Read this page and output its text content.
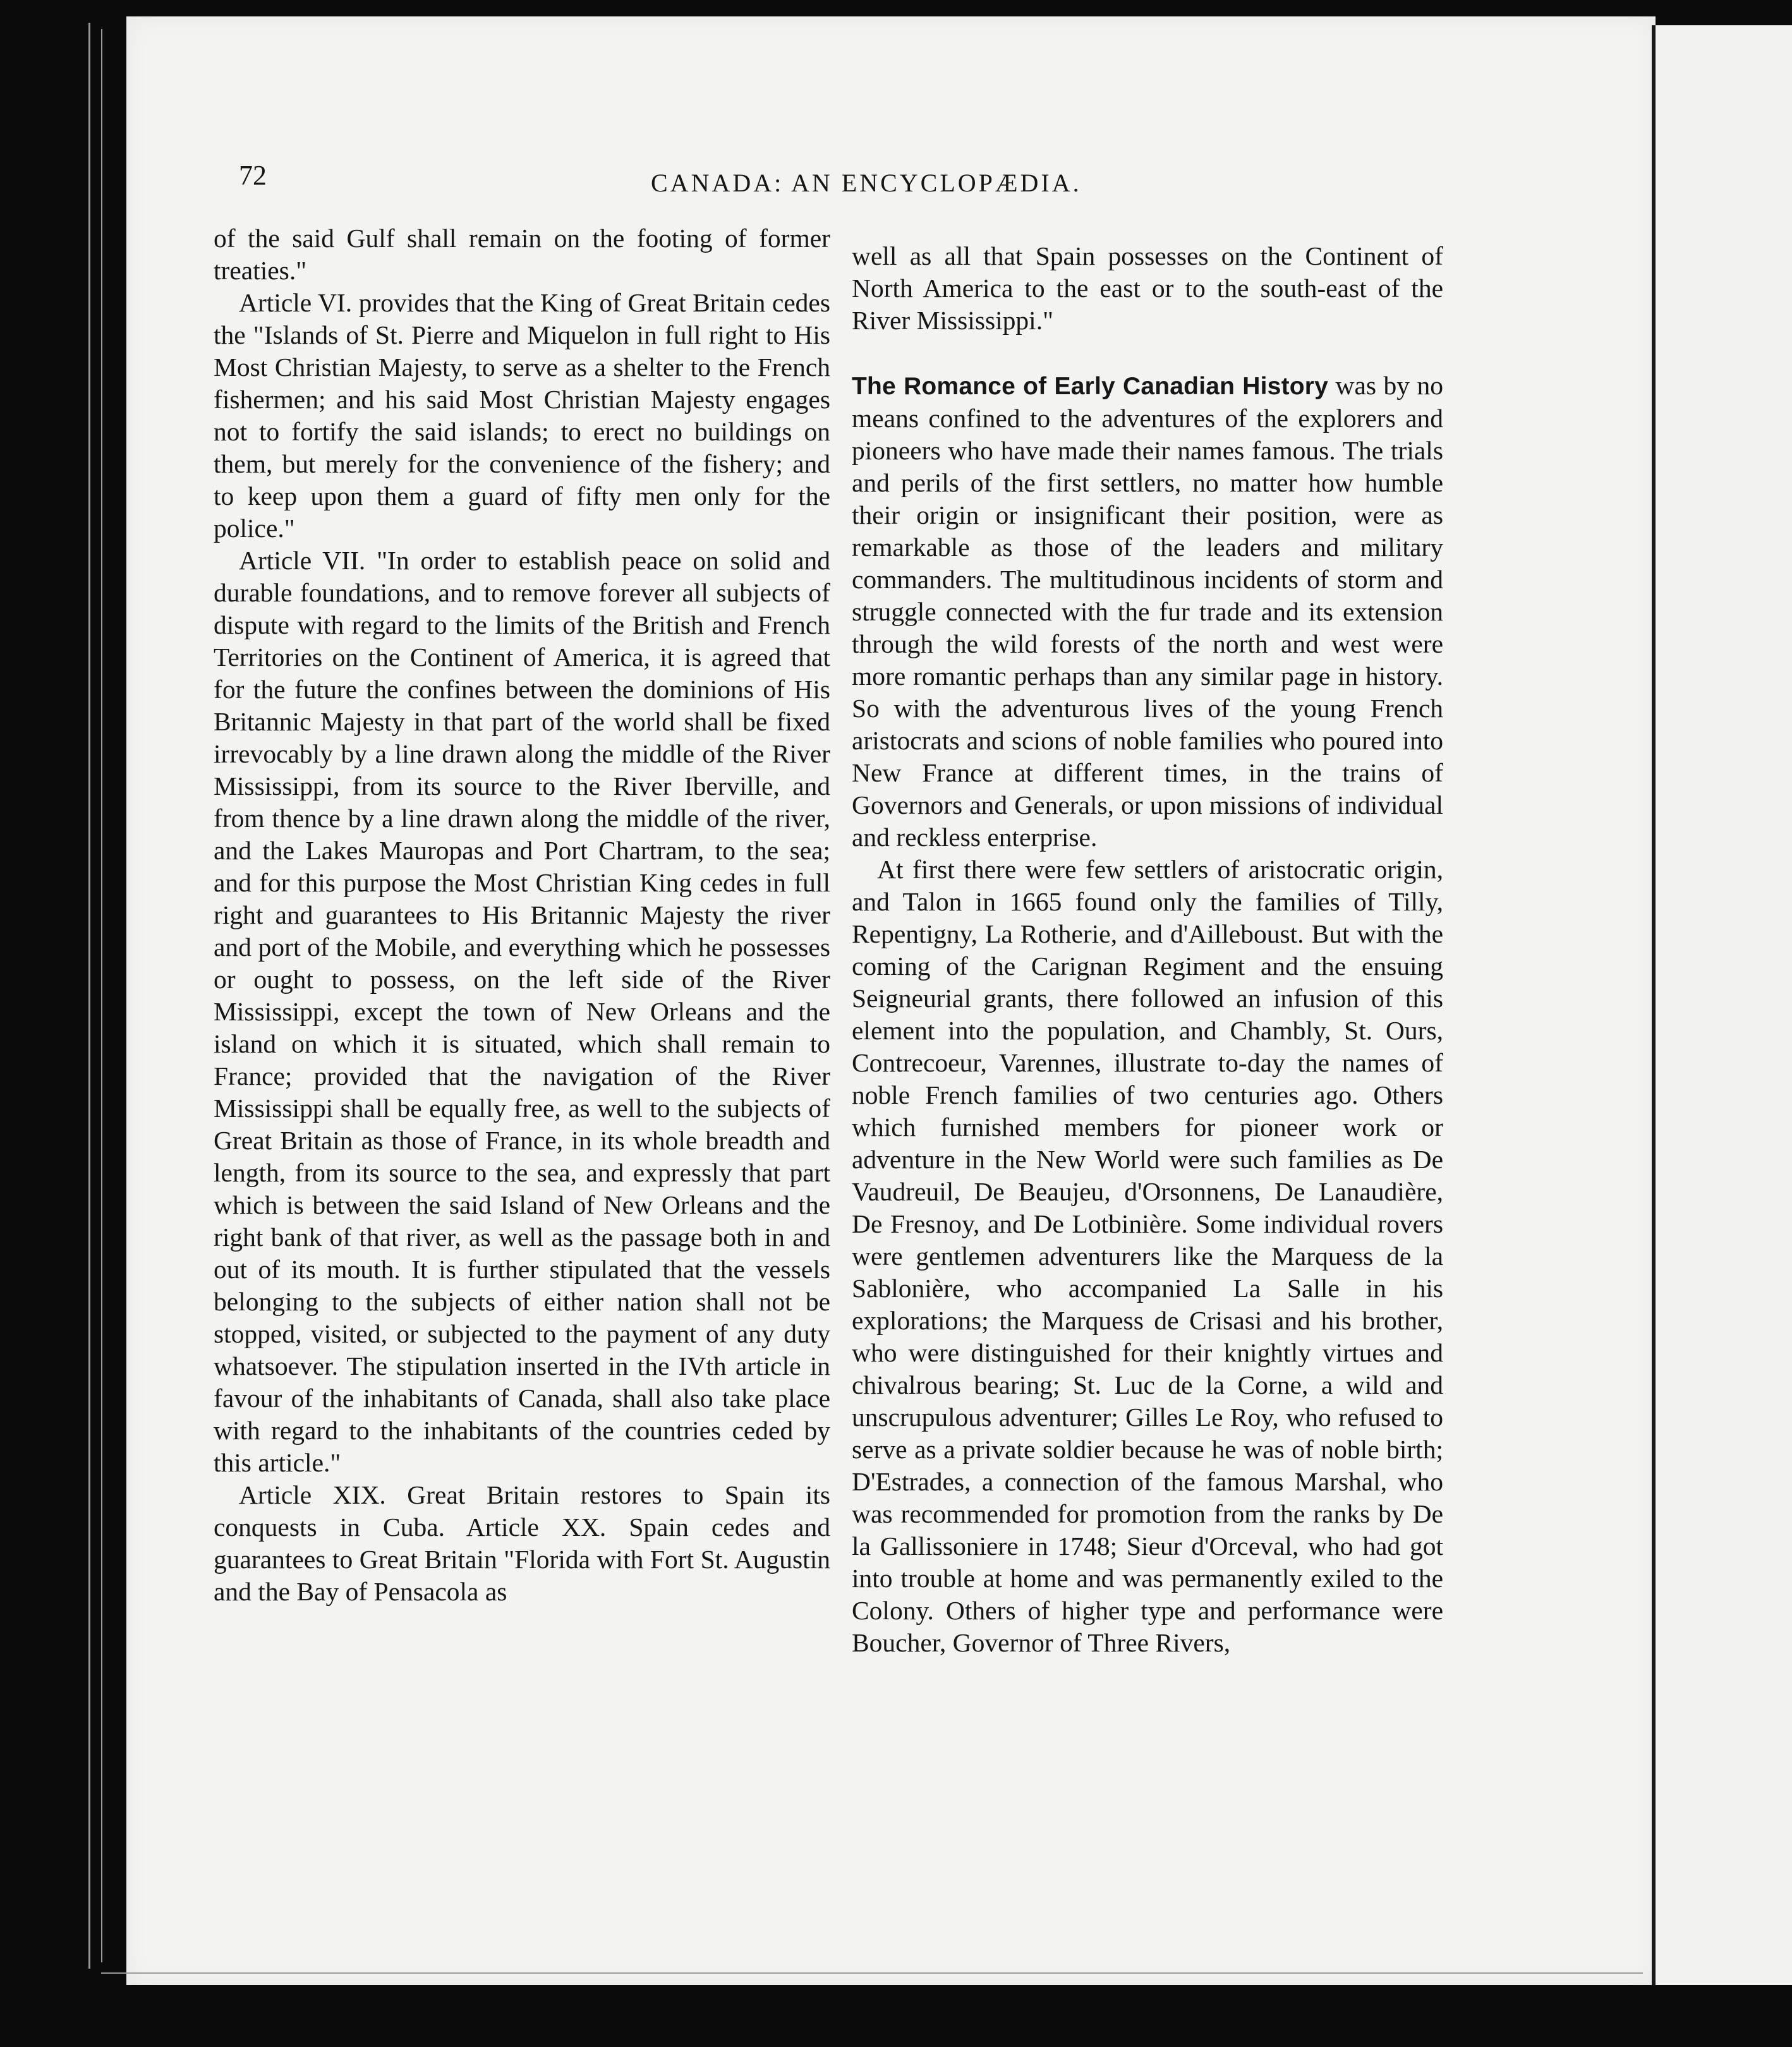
72	CANADA: AN ENCYCLOPÆDIA.

of the said Gulf shall remain on the footing of former treaties."

Article VI. provides that the King of Great Britain cedes the "Islands of St. Pierre and Miquelon in full right to His Most Christian Majesty, to serve as a shelter to the French fishermen; and his said Most Christian Majesty engages not to fortify the said islands; to erect no buildings on them, but merely for the convenience of the fishery; and to keep upon them a guard of fifty men only for the police."

Article VII. "In order to establish peace on solid and durable foundations, and to remove forever all subjects of dispute with regard to the limits of the British and French Territories on the Continent of America, it is agreed that for the future the confines between the dominions of His Britannic Majesty in that part of the world shall be fixed irrevocably by a line drawn along the middle of the River Mississippi, from its source to the River Iberville, and from thence by a line drawn along the middle of the river, and the Lakes Mauropas and Port Chartram, to the sea; and for this purpose the Most Christian King cedes in full right and guarantees to His Britannic Majesty the river and port of the Mobile, and everything which he possesses or ought to possess, on the left side of the River Mississippi, except the town of New Orleans and the island on which it is situated, which shall remain to France; provided that the navigation of the River Mississippi shall be equally free, as well to the subjects of Great Britain as those of France, in its whole breadth and length, from its source to the sea, and expressly that part which is between the said Island of New Orleans and the right bank of that river, as well as the passage both in and out of its mouth. It is further stipulated that the vessels belonging to the subjects of either nation shall not be stopped, visited, or subjected to the payment of any duty whatsoever. The stipulation inserted in the IVth article in favour of the inhabitants of Canada, shall also take place with regard to the inhabitants of the countries ceded by this article."

Article XIX. Great Britain restores to Spain its conquests in Cuba. Article XX. Spain cedes and guarantees to Great Britain "Florida with Fort St. Augustin and the Bay of Pensacola as

well as all that Spain possesses on the Continent of North America to the east or to the south-east of the River Mississippi."

The Romance of Early Canadian History was by no means confined to the adventures of the explorers and pioneers who have made their names famous. The trials and perils of the first settlers, no matter how humble their origin or insignificant their position, were as remarkable as those of the leaders and military commanders. The multitudinous incidents of storm and struggle connected with the fur trade and its extension through the wild forests of the north and west were more romantic perhaps than any similar page in history. So with the adventurous lives of the young French aristocrats and scions of noble families who poured into New France at different times, in the trains of Governors and Generals, or upon missions of individual and reckless enterprise.

At first there were few settlers of aristocratic origin, and Talon in 1665 found only the families of Tilly, Repentigny, La Rotherie, and d'Ailleboust. But with the coming of the Carignan Regiment and the ensuing Seigneurial grants, there followed an infusion of this element into the population, and Chambly, St. Ours, Contrecoeur, Varennes, illustrate to-day the names of noble French families of two centuries ago. Others which furnished members for pioneer work or adventure in the New World were such families as De Vaudreuil, De Beaujeu, d'Orsonnens, De Lanaudière, De Fresnoy, and De Lotbinière. Some individual rovers were gentlemen adventurers like the Marquess de la Sablonière, who accompanied La Salle in his explorations; the Marquess de Crisasi and his brother, who were distinguished for their knightly virtues and chivalrous bearing; St. Luc de la Corne, a wild and unscrupulous adventurer; Gilles Le Roy, who refused to serve as a private soldier because he was of noble birth; D'Estrades, a connection of the famous Marshal, who was recommended for promotion from the ranks by De la Gallissoniere in 1748; Sieur d'Orceval, who had got into trouble at home and was permanently exiled to the Colony. Others of higher type and performance were Boucher, Governor of Three Rivers,
